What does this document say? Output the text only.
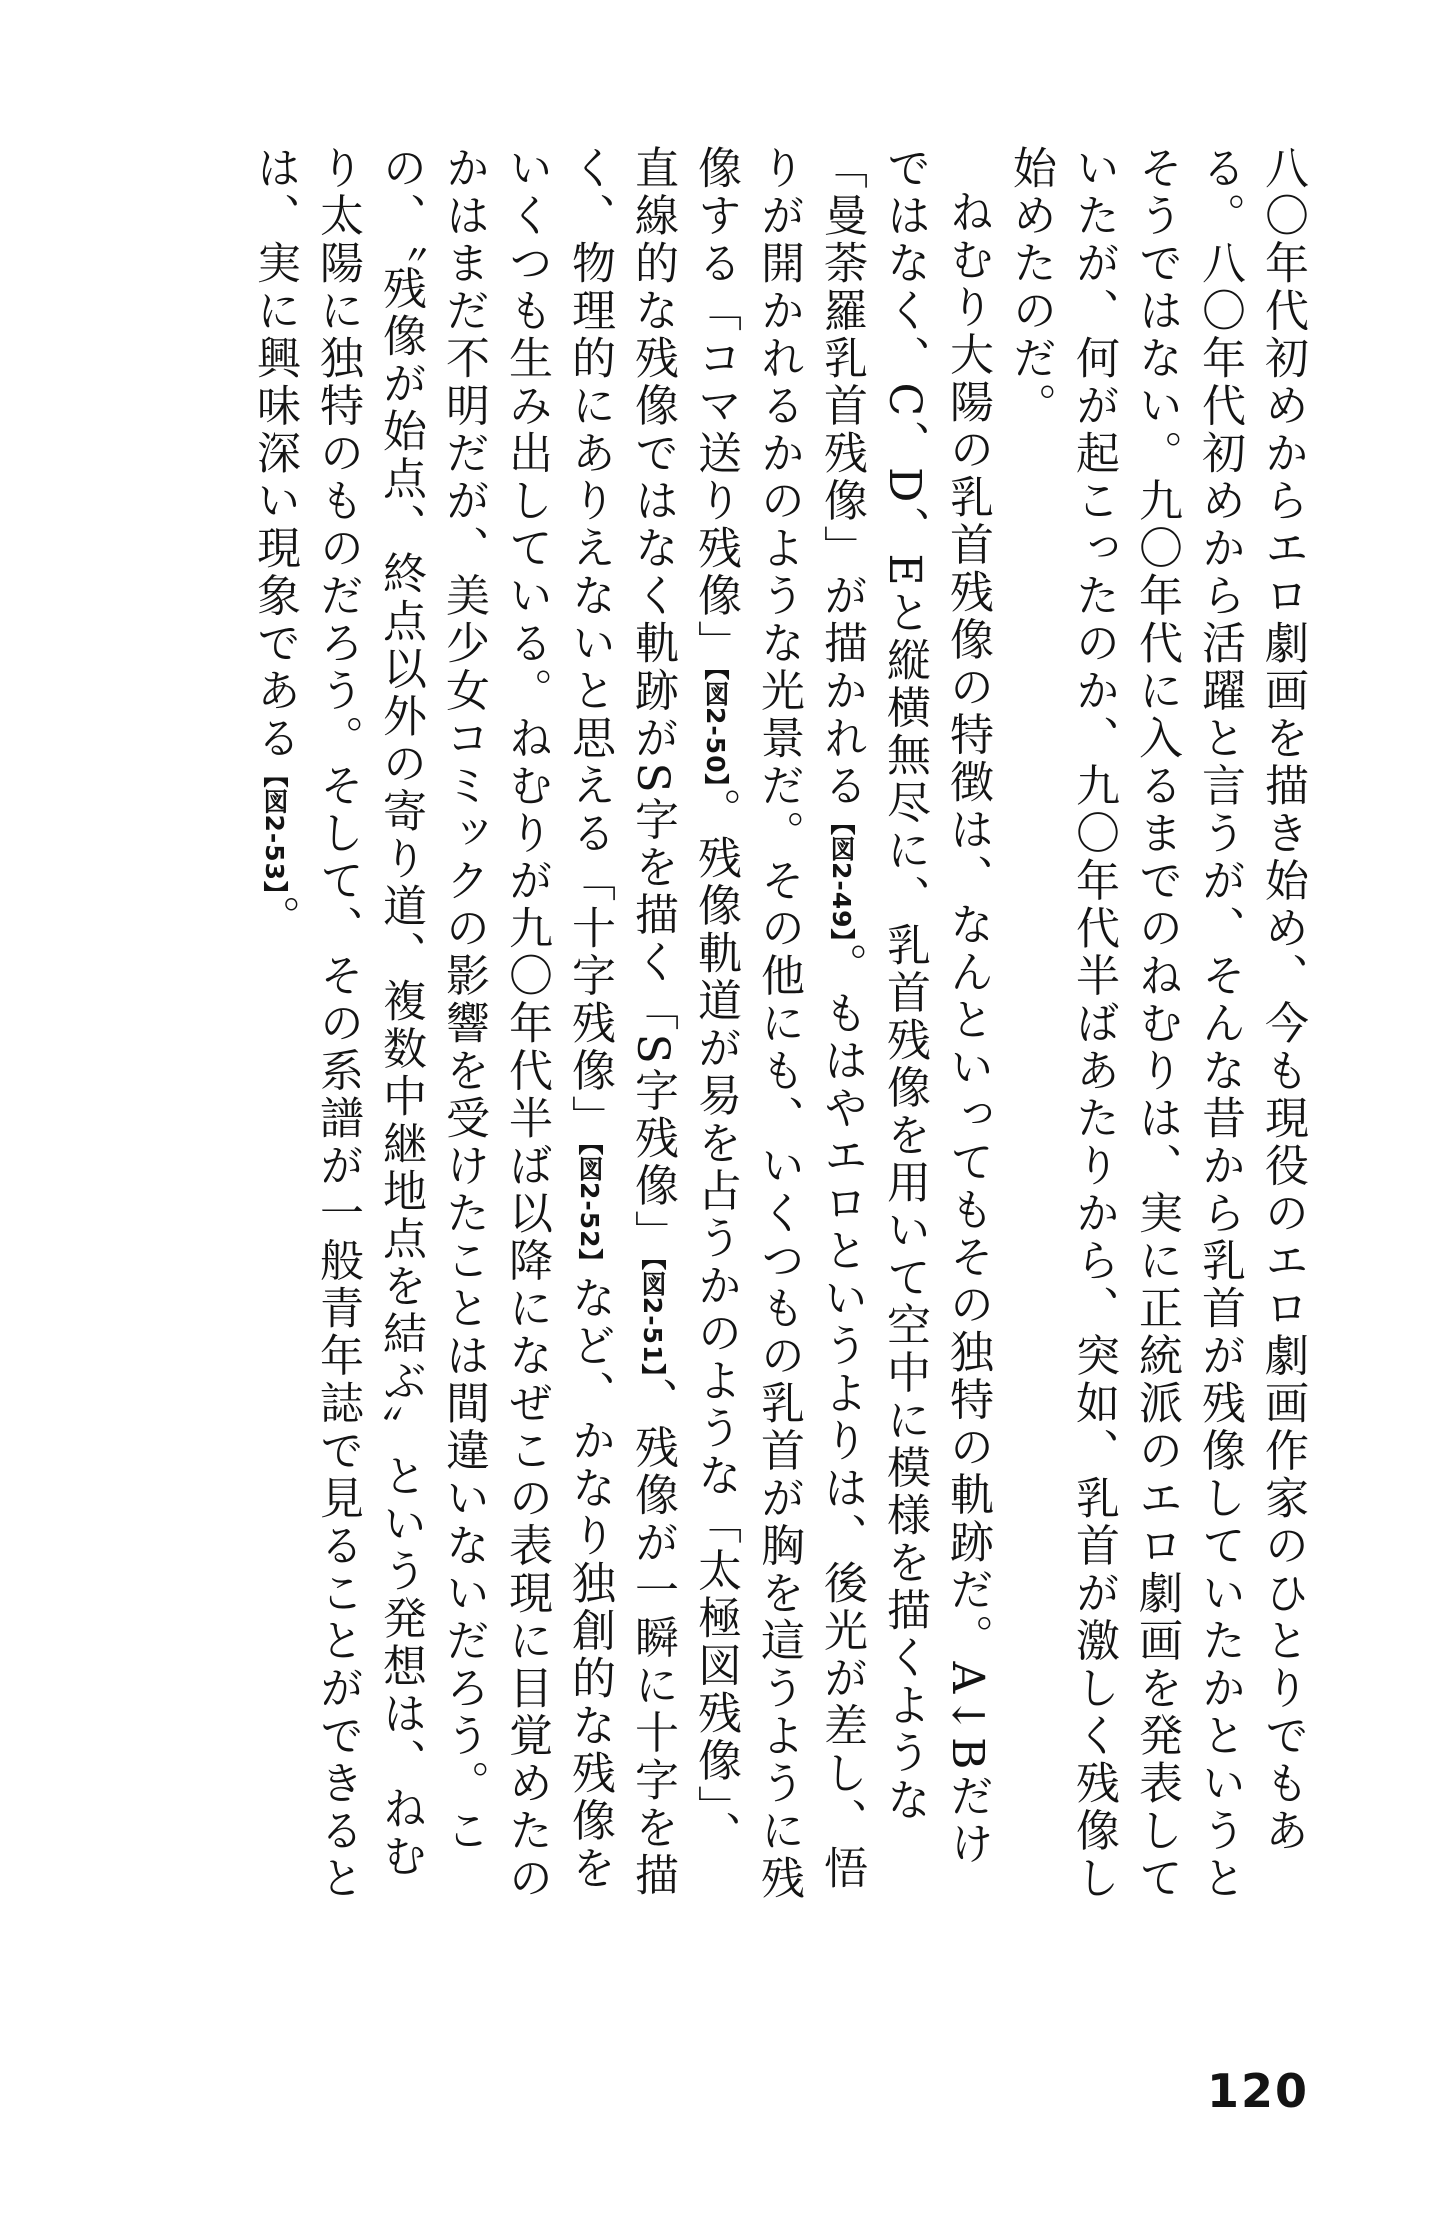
八〇年代初めからエロ劇画を描き始め、今も現役のエロ劇画作家のひとりでもある。八〇年代初めから活躍と言うが、そんな昔から乳首が残像していたかというとそうではない。九〇年代に入るまでのねむりは、実に正統派のエロ劇画を発表していたが、何が起こったのか、九〇年代半ばあたりから、突如、乳首が激しく残像し始めたのだ。

ねむり大陽の乳首残像の特徴は、なんといってもその独特の軌跡だ。A↓Bだけではなく、C、D、Eと縦横無尽に、乳首残像を用いて空中に模様を描くような「曼荼羅乳首残像」が描かれる【図2-49】。もはやエロというよりは、後光が差し、悟りが開かれるかのような光景だ。その他にも、いくつもの乳首が胸を這うように残像する「コマ送り残像」【図2-50】。残像軌道が易を占うかのような「太極図残像」、直線的な残像ではなく軌跡がS字を描く「S字残像」【図2-51】、残像が一瞬に十字を描く、物理的にありえないと思える「十字残像」【図2-52】など、かなり独創的な残像をいくつも生み出している。ねむりが九〇年代半ば以降になぜこの表現に目覚めたのかはまだ不明だが、美少女コミックの影響を受けたことは間違いないだろう。この、〝残像が始点、終点以外の寄り道、複数中継地点を結ぶ〟という発想は、ねむり太陽に独特のものだろう。そして、その系譜が一般青年誌で見ることができるとは、実に興味深い現象である【図2-53】。

120
